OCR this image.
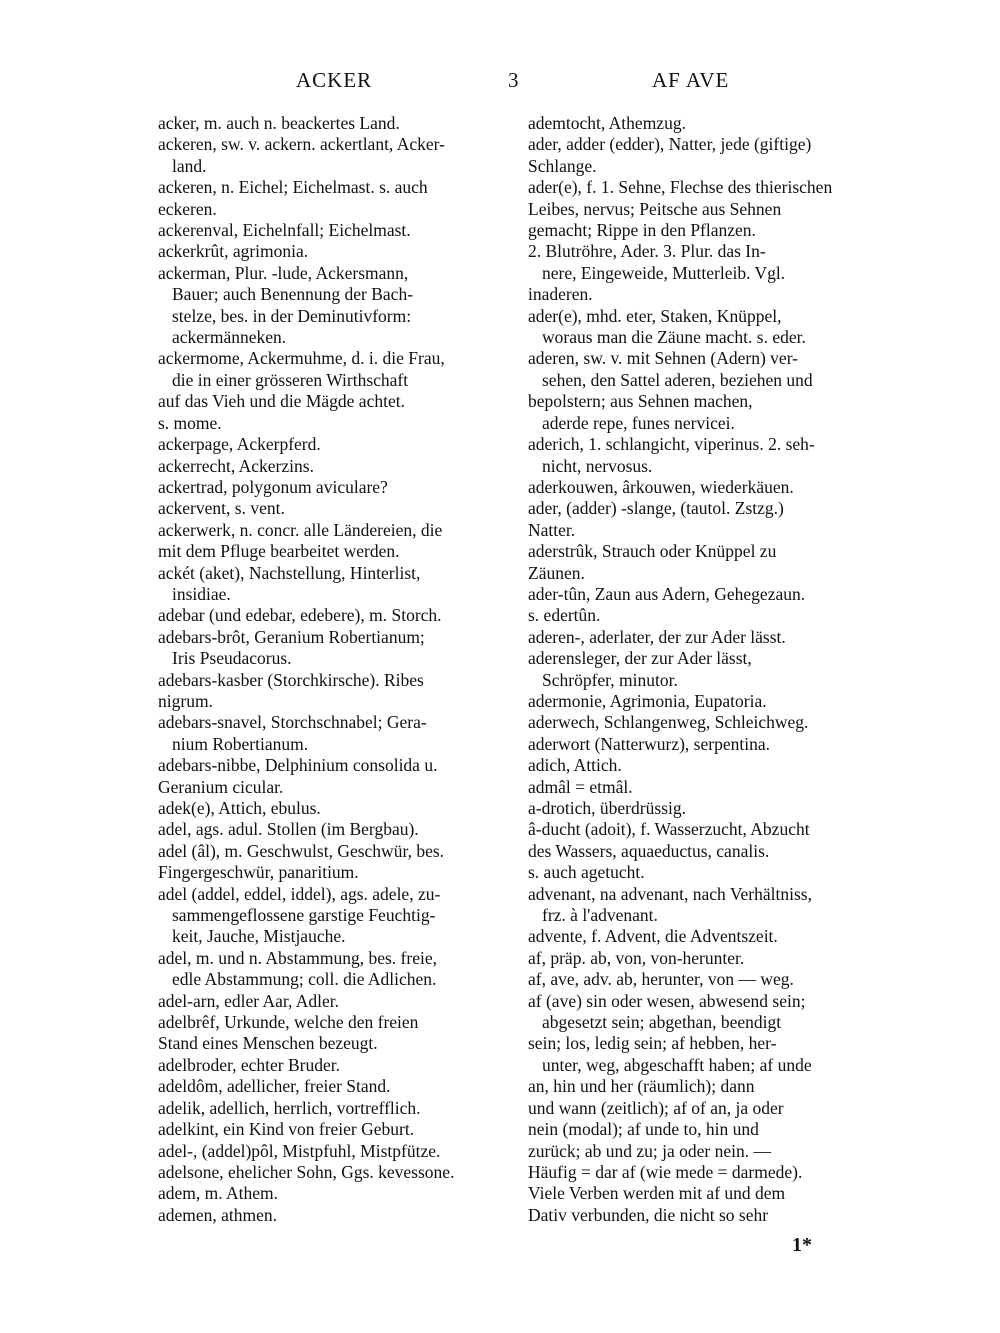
ACKER	3	AF AVE
acker, m. auch n. beackertes Land.
ackeren, sw. v. ackern. ackertlant, Acker-
land.
ackeren, n. Eichel; Eichelmast. s. auch
eckeren.
ackerenval, Eichelnfall; Eichelmast.
ackerkrût, agrimonia.
ackerman, Plur. -lude, Ackersmann,
Bauer; auch Benennung der Bach-
stelze, bes. in der Deminutivform:
ackermänneken.
ackermome, Ackermuhme, d. i. die Frau,
die in einer grösseren Wirthschaft
auf das Vieh und die Mägde achtet.
s. mome.
ackerpage, Ackerpferd.
ackerrecht, Ackerzins.
ackertrad, polygonum aviculare?
ackervent, s. vent.
ackerwerk, n. concr. alle Ländereien, die
mit dem Pfluge bearbeitet werden.
ackét (aket), Nachstellung, Hinterlist,
insidiae.
adebar (und edebar, edebere), m. Storch.
adebars-brôt, Geranium Robertianum;
Iris Pseudacorus.
adebars-kasber (Storchkirsche). Ribes
nigrum.
adebars-snavel, Storchschnabel; Gera-
nium Robertianum.
adebars-nibbe, Delphinium consolida u.
Geranium cicular.
adek(e), Attich, ebulus.
adel, ags. adul. Stollen (im Bergbau).
adel (âl), m. Geschwulst, Geschwür, bes.
Fingergeschwür, panaritium.
adel (addel, eddel, iddel), ags. adele, zu-
sammengeflossene garstige Feuchtig-
keit, Jauche, Mistjauche.
adel, m. und n. Abstammung, bes. freie,
edle Abstammung; coll. die Adlichen.
adel-arn, edler Aar, Adler.
adelbrêf, Urkunde, welche den freien
Stand eines Menschen bezeugt.
adelbroder, echter Bruder.
adeldôm, adellicher, freier Stand.
adelik, adellich, herrlich, vortrefflich.
adelkint, ein Kind von freier Geburt.
adel-, (addel)pôl, Mistpfuhl, Mistpfütze.
adelsone, ehelicher Sohn, Ggs. kevessone.
adem, m. Athem.
ademen, athmen.
ademtocht, Athemzug.
ader, adder (edder), Natter, jede (giftige)
Schlange.
ader(e), f. 1. Sehne, Flechse des thierischen
Leibes, nervus; Peitsche aus Sehnen
gemacht; Rippe in den Pflanzen.
2. Blutröhre, Ader. 3. Plur. das In-
nere, Eingeweide, Mutterleib. Vgl.
inaderen.
ader(e), mhd. eter, Staken, Knüppel,
woraus man die Zäune macht. s. eder.
aderen, sw. v. mit Sehnen (Adern) ver-
sehen, den Sattel aderen, beziehen und
bepolstern; aus Sehnen machen,
aderde repe, funes nervicei.
aderich, 1. schlangicht, viperinus. 2. seh-
nicht, nervosus.
aderkouwen, ârkouwen, wiederkäuen.
ader, (adder) -slange, (tautol. Zstzg.)
Natter.
aderstrûk, Strauch oder Knüppel zu
Zäunen.
ader-tûn, Zaun aus Adern, Gehegezaun.
s. edertûn.
aderen-, aderlater, der zur Ader lässt.
aderensleger, der zur Ader lässt,
Schröpfer, minutor.
adermonie, Agrimonia, Eupatoria.
aderwech, Schlangenweg, Schleichweg.
aderwort (Natterwurz), serpentina.
adich, Attich.
admâl = etmâl.
a-drotich, überdrüssig.
â-ducht (adoit), f. Wasserzucht, Abzucht
des Wassers, aquaeductus, canalis.
s. auch agetucht.
advenant, na advenant, nach Verhältniss,
frz. à l'advenant.
advente, f. Advent, die Adventszeit.
af, präp. ab, von, von-herunter.
af, ave, adv. ab, herunter, von — weg.
af (ave) sin oder wesen, abwesend sein;
abgesetzt sein; abgethan, beendigt
sein; los, ledig sein; af hebben, her-
unter, weg, abgeschafft haben; af unde
an, hin und her (räumlich); dann
und wann (zeitlich); af of an, ja oder
nein (modal); af unde to, hin und
zurück; ab und zu; ja oder nein. —
Häufig = dar af (wie mede = darmede).
Viele Verben werden mit af und dem
Dativ verbunden, die nicht so sehr
1*
